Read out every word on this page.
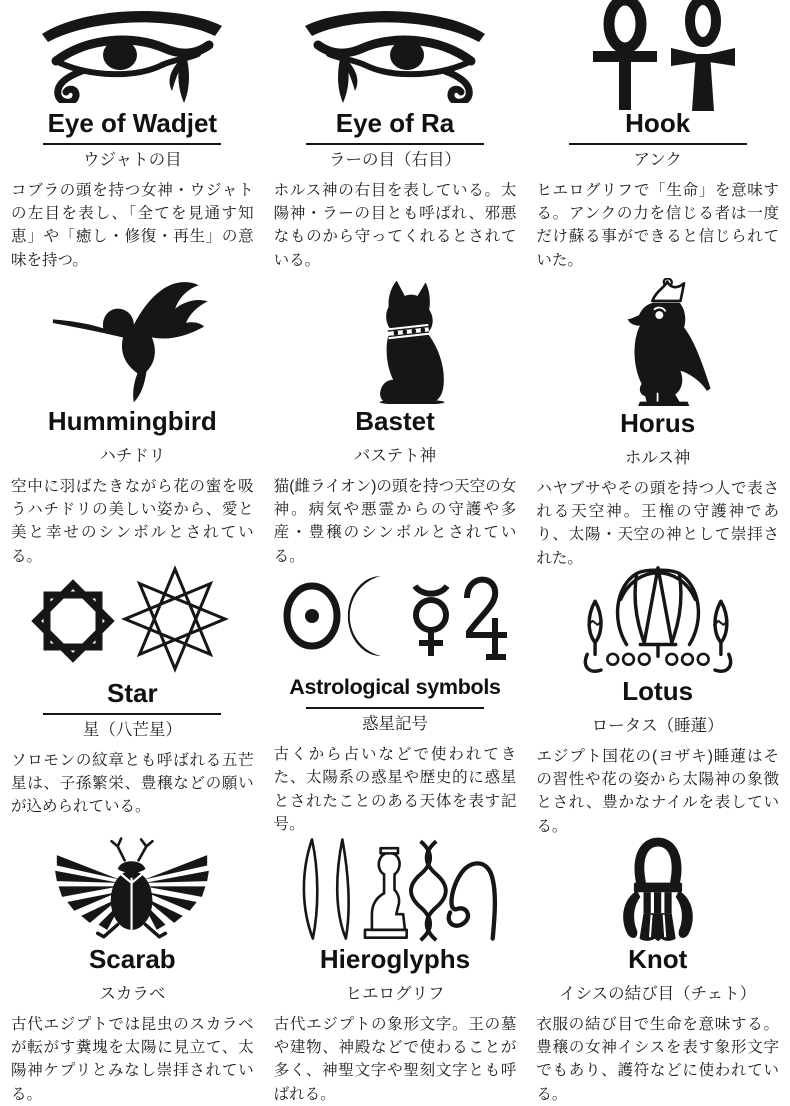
Eye of Wadjet
ウジャトの目

コブラの頭を持つ女神・ウジャトの左目を表し、「全てを見通す知恵」や「癒し・修復・再生」の意味を持つ。

Eye of Ra
ラーの目（右目）

ホルス神の右目を表している。太陽神・ラーの目とも呼ばれ、邪悪なものから守ってくれるとされている。

Hook
アンク

ヒエログリフで「生命」を意味する。アンクの力を信じる者は一度だけ蘇る事ができると信じられていた。

Hummingbird
ハチドリ

空中に羽ばたきながら花の蜜を吸うハチドリの美しい姿から、愛と美と幸せのシンボルとされている。

Bastet
バステト神

猫(雌ライオン)の頭を持つ天空の女神。病気や悪霊からの守護や多産・豊穣のシンボルとされている。

Horus
ホルス神

ハヤブサやその頭を持つ人で表される天空神。王権の守護神であり、太陽・天空の神として崇拝された。

Star
星（八芒星）

ソロモンの紋章とも呼ばれる五芒星は、子孫繁栄、豊穣などの願いが込められている。

Astrological symbols
惑星記号

古くから占いなどで使われてきた、太陽系の惑星や歴史的に惑星とされたことのある天体を表す記号。

Lotus
ロータス（睡蓮）

エジプト国花の(ヨザキ)睡蓮はその習性や花の姿から太陽神の象徴とされ、豊かなナイルを表している。

Scarab
スカラベ

古代エジプトでは昆虫のスカラベが転がす糞塊を太陽に見立て、太陽神ケプリとみなし崇拝されている。

Hieroglyphs
ヒエログリフ

古代エジプトの象形文字。王の墓や建物、神殿などで使わることが多く、神聖文字や聖刻文字とも呼ばれる。

Knot
イシスの結び目（チェト）

衣服の結び目で生命を意味する。豊穣の女神イシスを表す象形文字でもあり、護符などに使われている。
